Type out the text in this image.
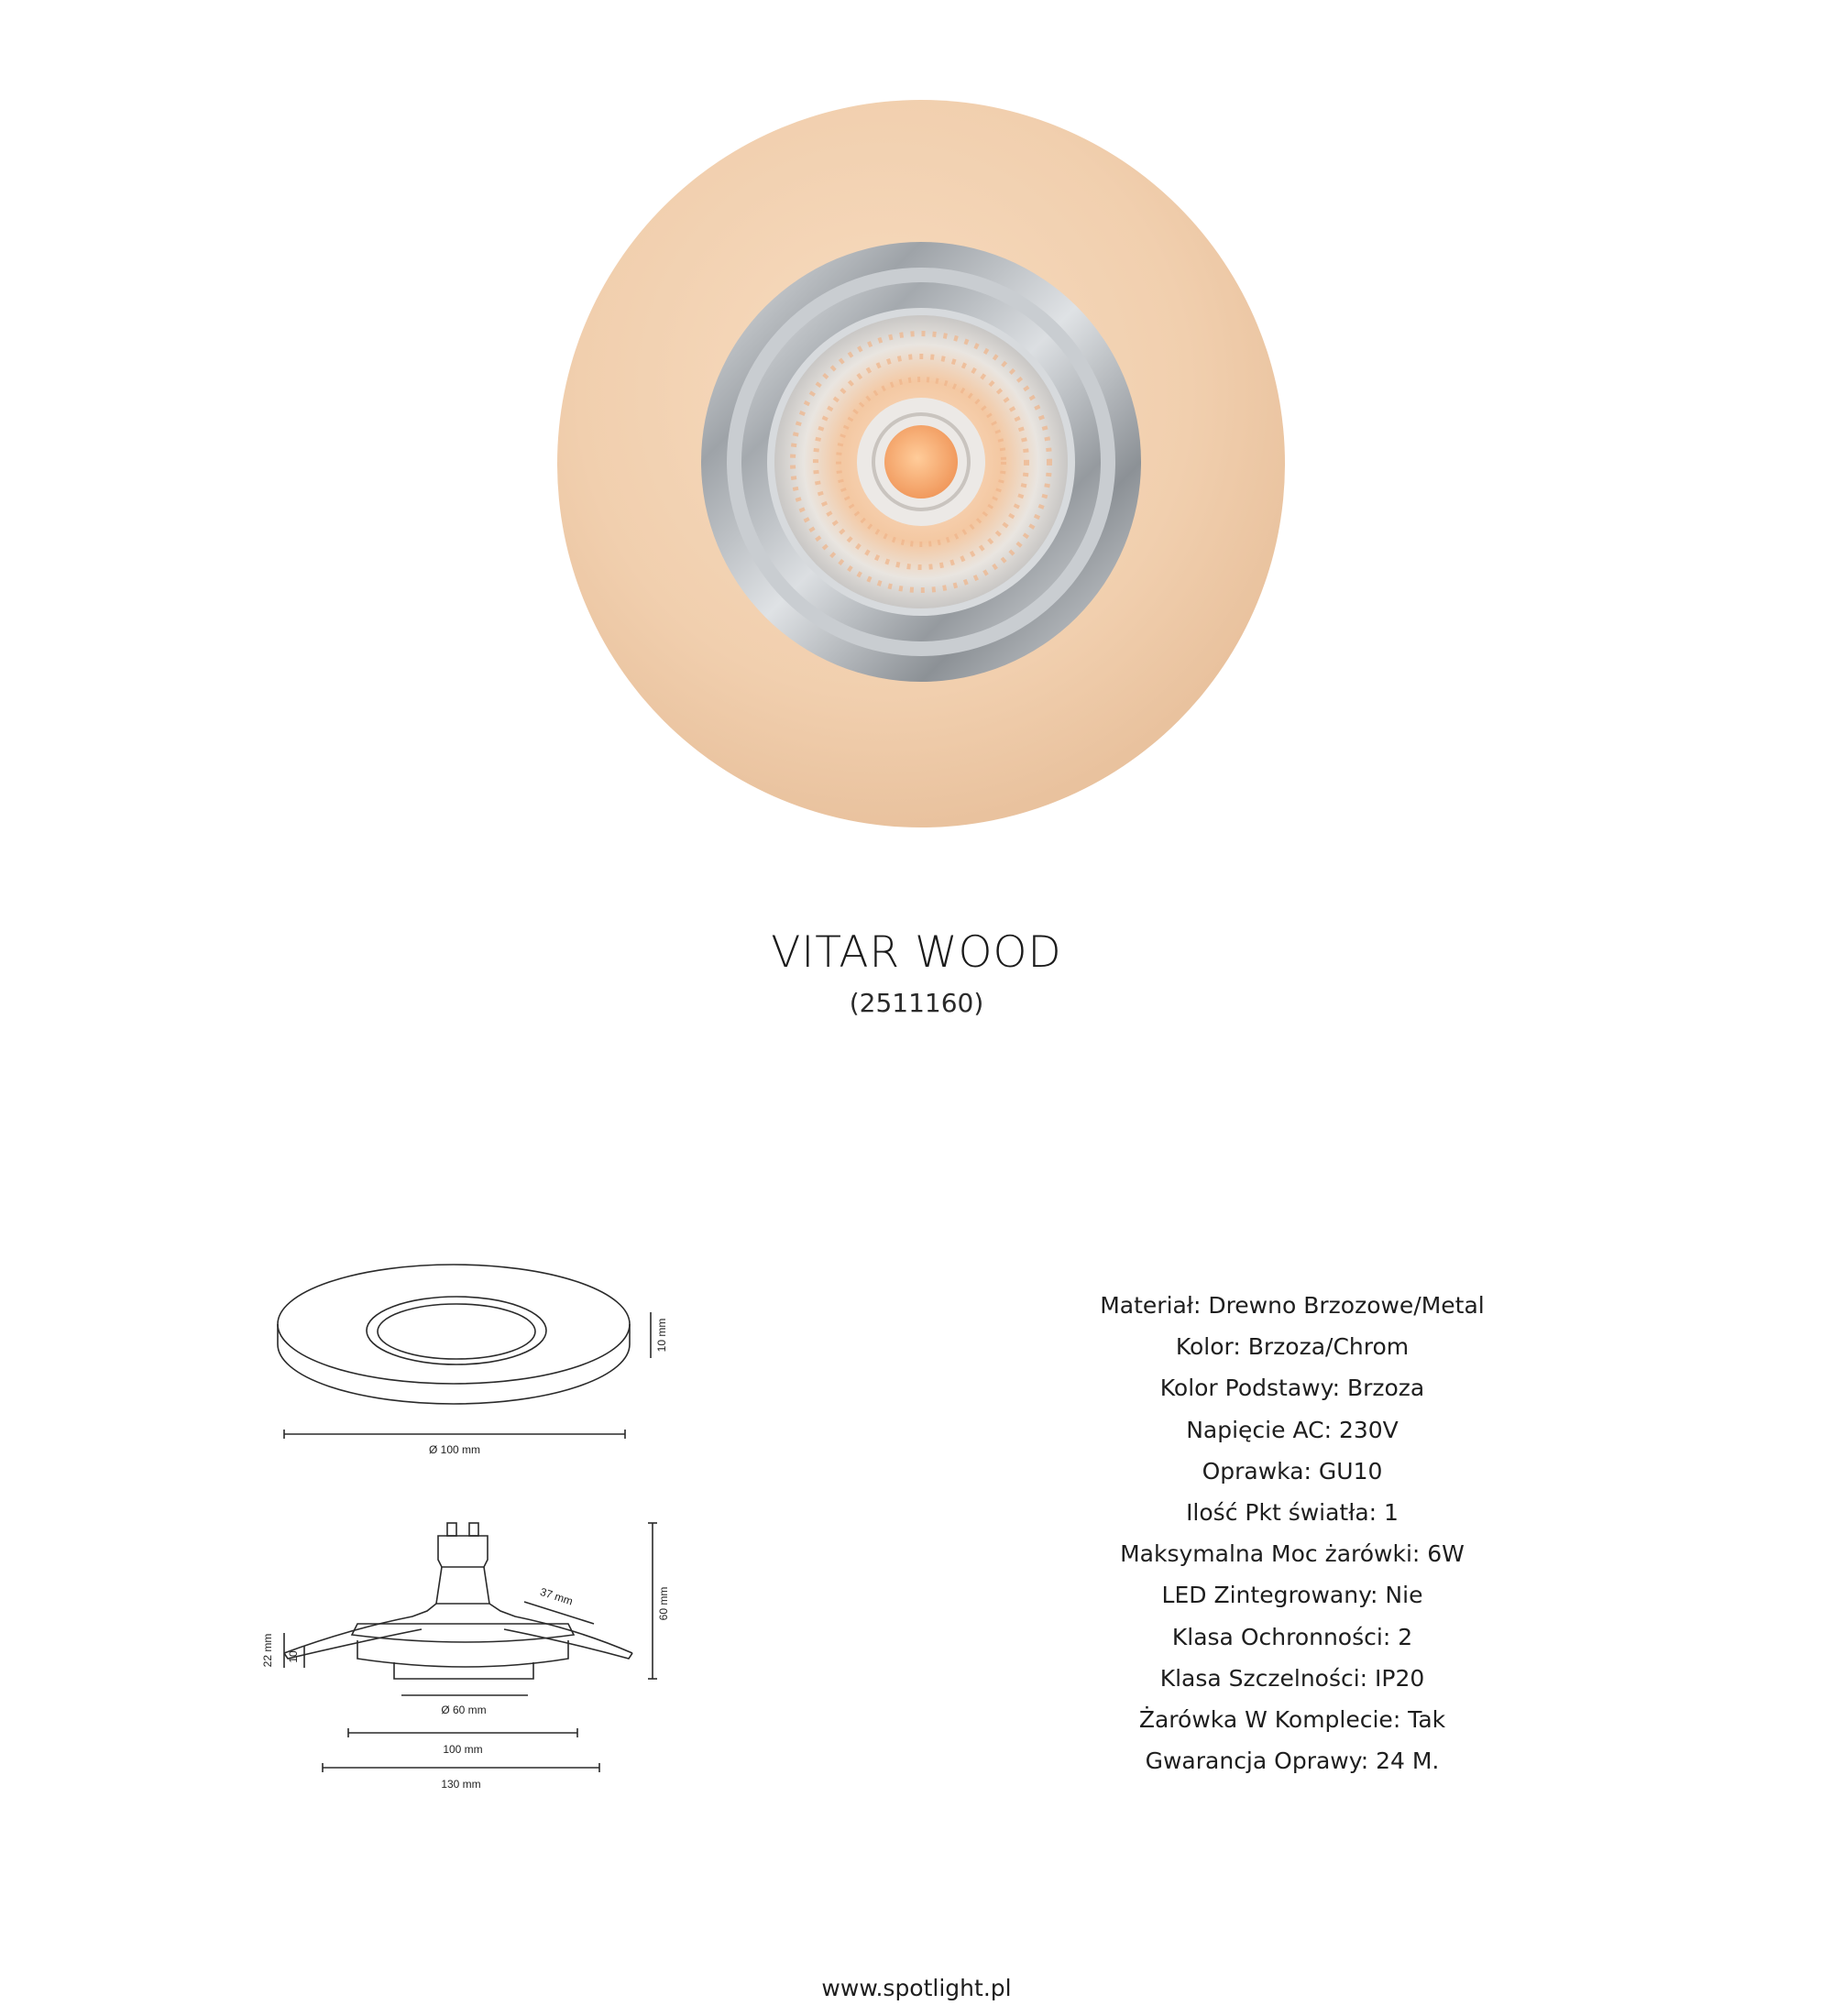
VITAR WOOD
(2511160)
10 mm
Ø 100 mm
60 mm
37 mm
22 mm 10
Ø 60 mm
100 mm
130 mm
Materiał: Drewno Brzozowe/Metal
Kolor: Brzoza/Chrom
Kolor Podstawy: Brzoza
Napięcie AC: 230V
Oprawka: GU10
Ilość Pkt światła: 1
Maksymalna Moc żarówki: 6W
LED Zintegrowany: Nie
Klasa Ochronności: 2
Klasa Szczelności: IP20
Żarówka W Komplecie: Tak
Gwarancja Oprawy: 24 M.
www.spotlight.pl
